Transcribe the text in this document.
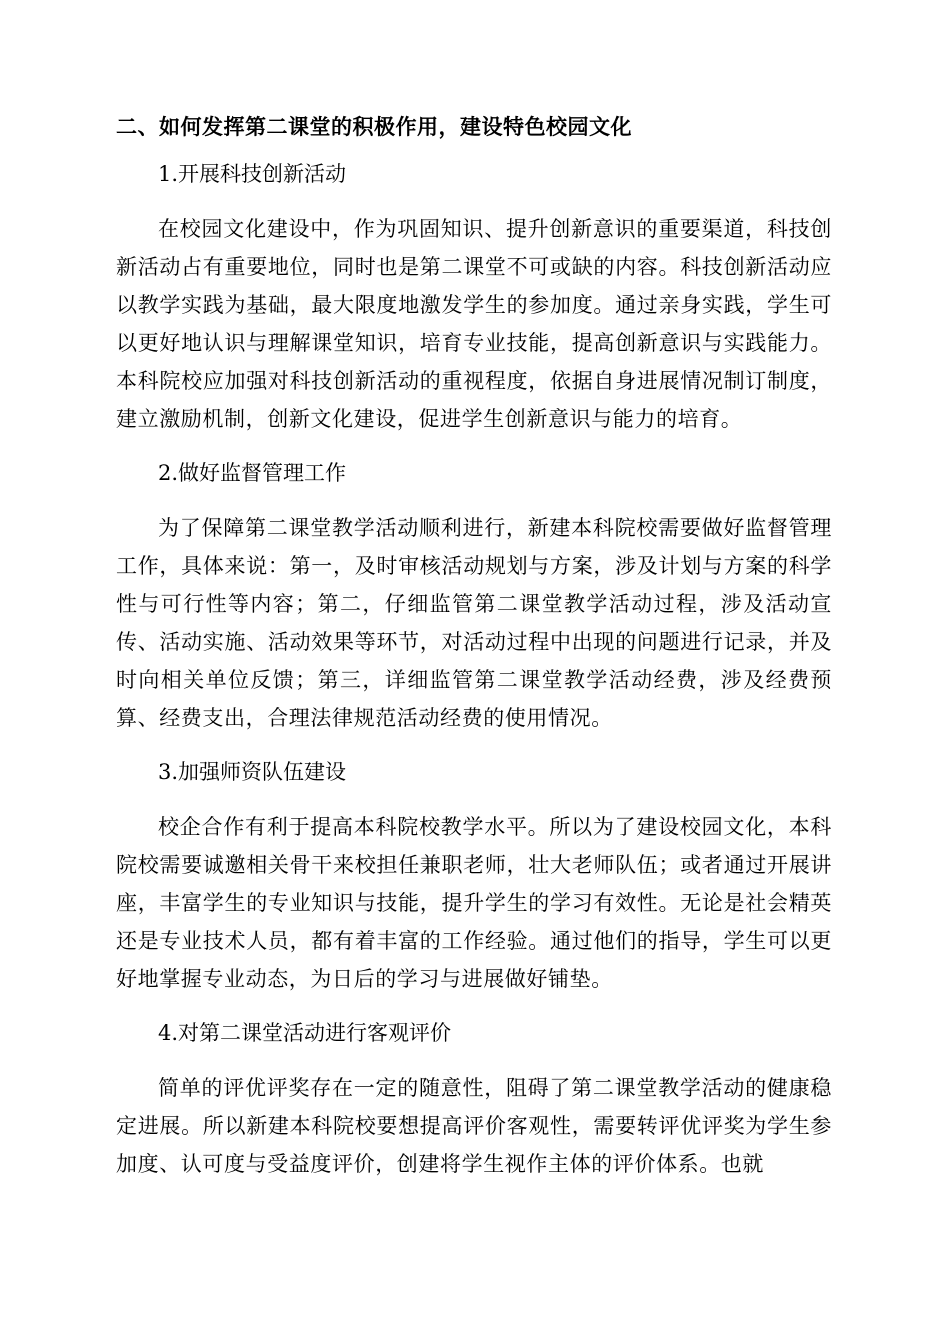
二、如何发挥第二课堂的积极作用，建设特色校园文化
1.开展科技创新活动
在校园文化建设中，作为巩固知识、提升创新意识的重要渠道，科技创新活动占有重要地位，同时也是第二课堂不可或缺的内容。科技创新活动应以教学实践为基础，最大限度地激发学生的参加度。通过亲身实践，学生可以更好地认识与理解课堂知识，培育专业技能，提高创新意识与实践能力。本科院校应加强对科技创新活动的重视程度，依据自身进展情况制订制度，建立激励机制，创新文化建设，促进学生创新意识与能力的培育。
2.做好监督管理工作
为了保障第二课堂教学活动顺利进行，新建本科院校需要做好监督管理工作，具体来说：第一，及时审核活动规划与方案，涉及计划与方案的科学性与可行性等内容；第二，仔细监管第二课堂教学活动过程，涉及活动宣传、活动实施、活动效果等环节，对活动过程中出现的问题进行记录，并及时向相关单位反馈；第三，详细监管第二课堂教学活动经费，涉及经费预算、经费支出，合理法律规范活动经费的使用情况。
3.加强师资队伍建设
校企合作有利于提高本科院校教学水平。所以为了建设校园文化，本科院校需要诚邀相关骨干来校担任兼职老师，壮大老师队伍；或者通过开展讲座，丰富学生的专业知识与技能，提升学生的学习有效性。无论是社会精英还是专业技术人员，都有着丰富的工作经验。通过他们的指导，学生可以更好地掌握专业动态，为日后的学习与进展做好铺垫。
4.对第二课堂活动进行客观评价
简单的评优评奖存在一定的随意性，阻碍了第二课堂教学活动的健康稳定进展。所以新建本科院校要想提高评价客观性，需要转评优评奖为学生参加度、认可度与受益度评价，创建将学生视作主体的评价体系。也就
